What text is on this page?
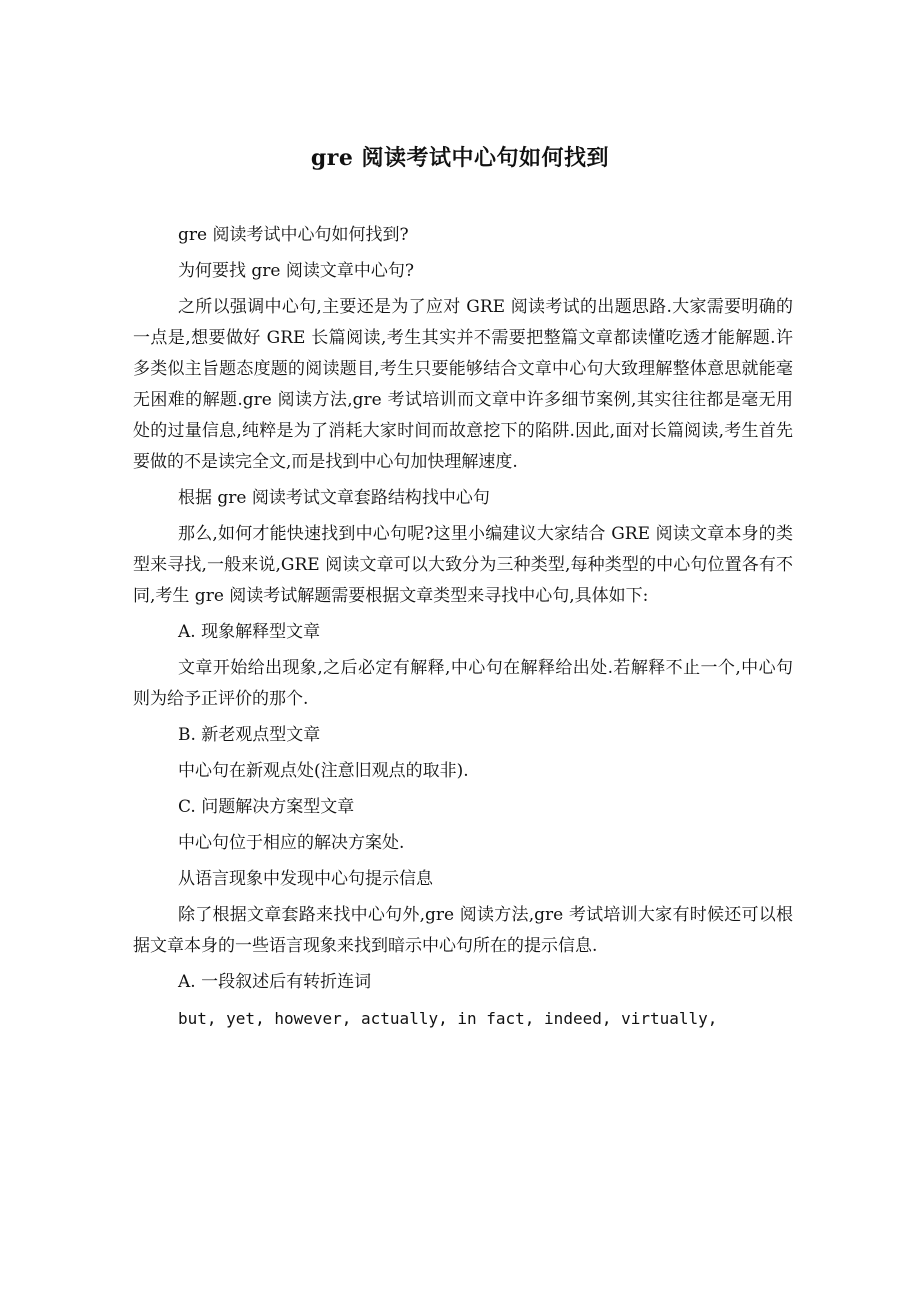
gre 阅读考试中心句如何找到

gre 阅读考试中心句如何找到?

为何要找 gre 阅读文章中心句?

之所以强调中心句,主要还是为了应对 GRE 阅读考试的出题思路.大家需要明确的一点是,想要做好 GRE 长篇阅读,考生其实并不需要把整篇文章都读懂吃透才能解题.许多类似主旨题态度题的阅读题目,考生只要能够结合文章中心句大致理解整体意思就能毫无困难的解题.gre 阅读方法,gre 考试培训而文章中许多细节案例,其实往往都是毫无用处的过量信息,纯粹是为了消耗大家时间而故意挖下的陷阱.因此,面对长篇阅读,考生首先要做的不是读完全文,而是找到中心句加快理解速度.

根据 gre 阅读考试文章套路结构找中心句

那么,如何才能快速找到中心句呢?这里小编建议大家结合 GRE 阅读文章本身的类型来寻找,一般来说,GRE 阅读文章可以大致分为三种类型,每种类型的中心句位置各有不同,考生 gre 阅读考试解题需要根据文章类型来寻找中心句,具体如下:

A. 现象解释型文章

文章开始给出现象,之后必定有解释,中心句在解释给出处.若解释不止一个,中心句则为给予正评价的那个.

B. 新老观点型文章

中心句在新观点处(注意旧观点的取非).

C. 问题解决方案型文章

中心句位于相应的解决方案处.

从语言现象中发现中心句提示信息

除了根据文章套路来找中心句外,gre 阅读方法,gre 考试培训大家有时候还可以根据文章本身的一些语言现象来找到暗示中心句所在的提示信息.

A. 一段叙述后有转折连词

but, yet, however, actually, in fact, indeed, virtually,
